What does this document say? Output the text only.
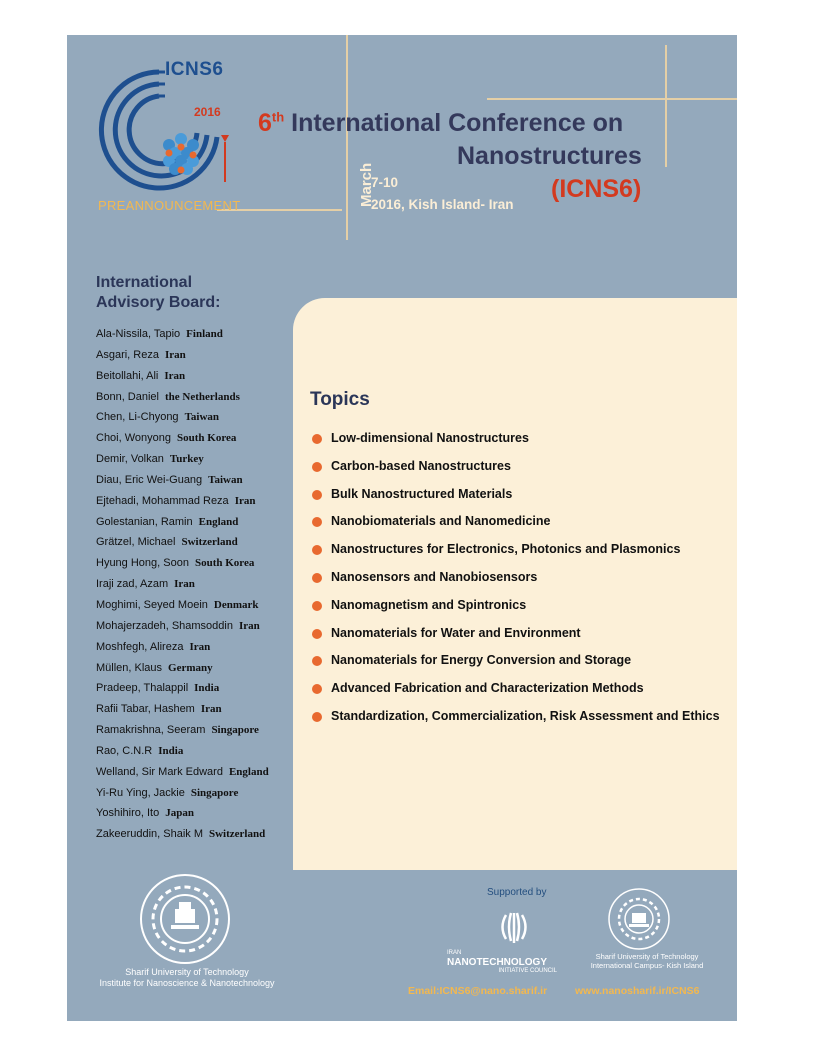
ICNS6
2016
PREANNOUNCEMENT
6th International Conference on
Nanostructures
(ICNS6)
March
7-10
2016, Kish Island- Iran
International
Advisory Board:
Ala-Nissila, Tapio Finland
Asgari, Reza Iran
Beitollahi, Ali Iran
Bonn, Daniel the Netherlands
Chen, Li-Chyong Taiwan
Choi, Wonyong South Korea
Demir, Volkan Turkey
Diau, Eric Wei-Guang Taiwan
Ejtehadi, Mohammad Reza Iran
Golestanian, Ramin England
Grätzel, Michael Switzerland
Hyung Hong, Soon South Korea
Iraji zad, Azam Iran
Moghimi, Seyed Moein Denmark
Mohajerzadeh, Shamsoddin Iran
Moshfegh, Alireza Iran
Müllen, Klaus Germany
Pradeep, Thalappil India
Rafii Tabar, Hashem Iran
Ramakrishna, Seeram Singapore
Rao, C.N.R India
Welland, Sir Mark Edward England
Yi-Ru Ying, Jackie Singapore
Yoshihiro, Ito Japan
Zakeeruddin, Shaik M Switzerland
Topics
Low-dimensional Nanostructures
Carbon-based Nanostructures
Bulk Nanostructured Materials
Nanobiomaterials and Nanomedicine
Nanostructures for Electronics, Photonics and Plasmonics
Nanosensors and Nanobiosensors
Nanomagnetism and Spintronics
Nanomaterials for Water and Environment
Nanomaterials for Energy Conversion and Storage
Advanced Fabrication and Characterization Methods
Standardization, Commercialization, Risk Assessment and Ethics
Sharif University of Technology
Institute for Nanoscience & Nanotechnology
Supported by
IRAN
NANOTECHNOLOGY
INITIATIVE COUNCIL
Sharif University of Technology
International Campus- Kish Island
Email:ICNS6@nano.sharif.ir	www.nanosharif.ir/ICNS6
